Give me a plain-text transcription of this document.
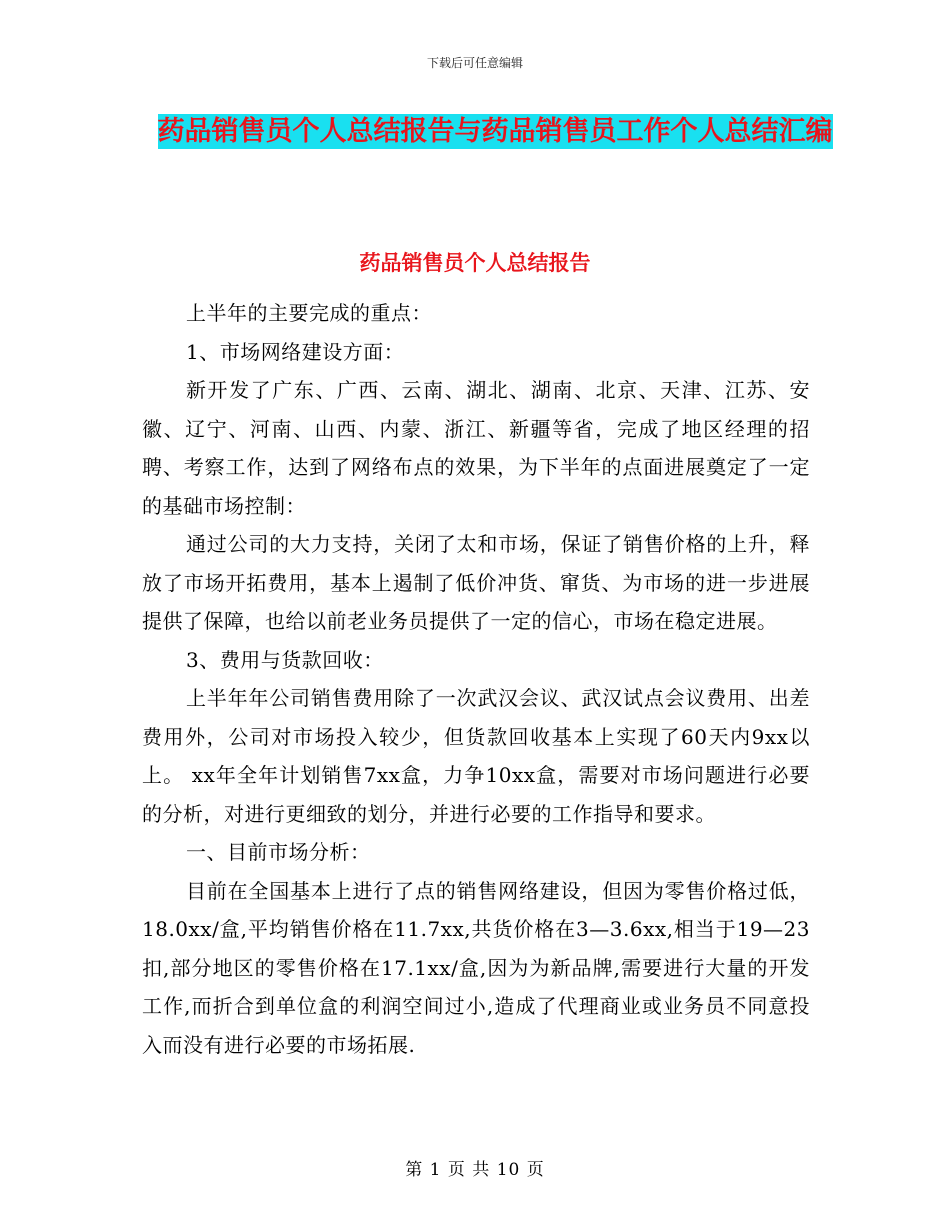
下载后可任意编辑
药品销售员个人总结报告与药品销售员工作个人总结汇编
药品销售员个人总结报告

上半年的主要完成的重点：

1、市场网络建设方面：

新开发了广东、广西、云南、湖北、湖南、北京、天津、江苏、安徽、辽宁、河南、山西、内蒙、浙江、新疆等省，完成了地区经理的招聘、考察工作，达到了网络布点的效果，为下半年的点面进展奠定了一定的基础市场控制：

通过公司的大力支持，关闭了太和市场，保证了销售价格的上升，释放了市场开拓费用，基本上遏制了低价冲货、窜货、为市场的进一步进展提供了保障，也给以前老业务员提供了一定的信心，市场在稳定进展。

3、费用与货款回收：

上半年年公司销售费用除了一次武汉会议、武汉试点会议费用、出差费用外，公司对市场投入较少，但货款回收基本上实现了60天内9xx以上。 xx年全年计划销售7xx盒，力争10xx盒，需要对市场问题进行必要的分析，对进行更细致的划分，并进行必要的工作指导和要求。

一、目前市场分析：

目前在全国基本上进行了点的销售网络建设，但因为零售价格过低，18.0xx/盒,平均销售价格在11.7xx,共货价格在3—3.6xx,相当于19—23扣,部分地区的零售价格在17.1xx/盒,因为为新品牌,需要进行大量的开发工作,而折合到单位盒的利润空间过小,造成了代理商业或业务员不同意投入而没有进行必要的市场拓展.

第 1 页 共 10 页
